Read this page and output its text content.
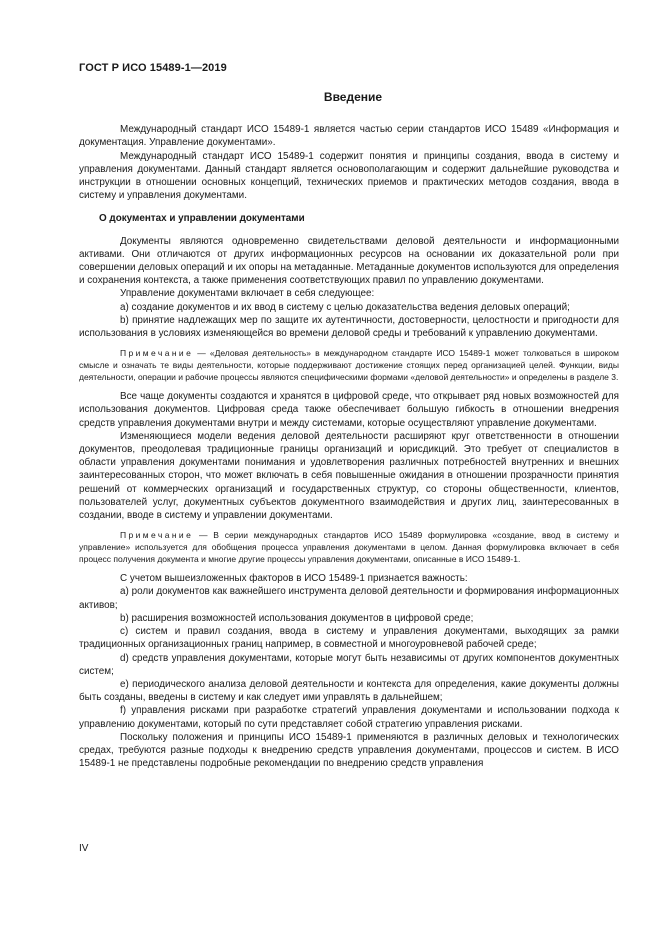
ГОСТ Р ИСО 15489-1—2019
Введение

Международный стандарт ИСО 15489-1 является частью серии стандартов ИСО 15489 «Информация и документация. Управление документами».

Международный стандарт ИСО 15489-1 содержит понятия и принципы создания, ввода в систему и управления документами. Данный стандарт является основополагающим и содержит дальнейшие руководства и инструкции в отношении основных концепций, технических приемов и практических методов создания, ввода в систему и управления документами.

О документах и управлении документами

Документы являются одновременно свидетельствами деловой деятельности и информационными активами. Они отличаются от других информационных ресурсов на основании их доказательной роли при совершении деловых операций и их опоры на метаданные. Метаданные документов используются для определения и сохранения контекста, а также применения соответствующих правил по управлению документами.

Управление документами включает в себя следующее:

а) создание документов и их ввод в систему с целью доказательства ведения деловых операций;

b) принятие надлежащих мер по защите их аутентичности, достоверности, целостности и пригодности для использования в условиях изменяющейся во времени деловой среды и требований к управлению документами.

Примечание — «Деловая деятельность» в международном стандарте ИСО 15489-1 может толковаться в широком смысле и означать те виды деятельности, которые поддерживают достижение стоящих перед организацией целей. Функции, виды деятельности, операции и рабочие процессы являются специфическими формами «деловой деятельности» и определены в разделе 3.

Все чаще документы создаются и хранятся в цифровой среде, что открывает ряд новых возможностей для использования документов. Цифровая среда также обеспечивает большую гибкость в отношении внедрения средств управления документами внутри и между системами, которые осуществляют управление документами.

Изменяющиеся модели ведения деловой деятельности расширяют круг ответственности в отношении документов, преодолевая традиционные границы организаций и юрисдикций. Это требует от специалистов в области управления документами понимания и удовлетворения различных потребностей внутренних и внешних заинтересованных сторон, что может включать в себя повышенные ожидания в отношении прозрачности принятия решений от коммерческих организаций и государственных структур, со стороны общественности, клиентов, пользователей услуг, документных субъектов документного взаимодействия и других лиц, заинтересованных в создании, вводе в систему и управлении документами.

Примечание — В серии международных стандартов ИСО 15489 формулировка «создание, ввод в систему и управление» используется для обобщения процесса управления документами в целом. Данная формулировка включает в себя процесс получения документа и многие другие процессы управления документами, описанные в ИСО 15489-1.

С учетом вышеизложенных факторов в ИСО 15489-1 признается важность:

а) роли документов как важнейшего инструмента деловой деятельности и формирования информационных активов;

b) расширения возможностей использования документов в цифровой среде;

c) систем и правил создания, ввода в систему и управления документами, выходящих за рамки традиционных организационных границ например, в совместной и многоуровневой рабочей среде;

d) средств управления документами, которые могут быть независимы от других компонентов документных систем;

e) периодического анализа деловой деятельности и контекста для определения, какие документы должны быть созданы, введены в систему и как следует ими управлять в дальнейшем;

f) управления рисками при разработке стратегий управления документами и использовании подхода к управлению документами, который по сути представляет собой стратегию управления рисками.

Поскольку положения и принципы ИСО 15489-1 применяются в различных деловых и технологических средах, требуются разные подходы к внедрению средств управления документами, процессов и систем. В ИСО 15489-1 не представлены подробные рекомендации по внедрению средств управления

IV
